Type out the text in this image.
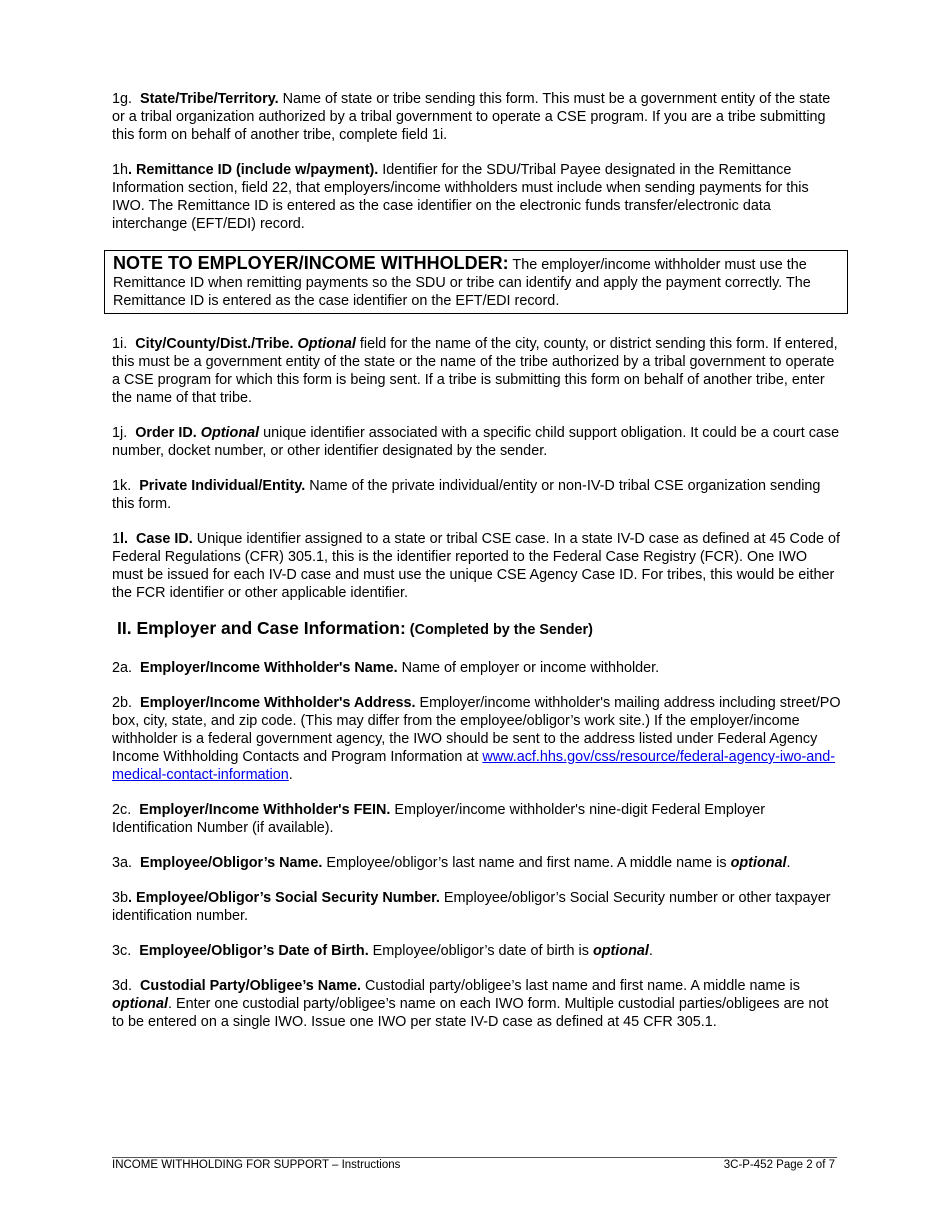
1g. State/Tribe/Territory. Name of state or tribe sending this form. This must be a government entity of the state or a tribal organization authorized by a tribal government to operate a CSE program. If you are a tribe submitting this form on behalf of another tribe, complete field 1i.

1h. Remittance ID (include w/payment). Identifier for the SDU/Tribal Payee designated in the Remittance Information section, field 22, that employers/income withholders must include when sending payments for this IWO. The Remittance ID is entered as the case identifier on the electronic funds transfer/electronic data interchange (EFT/EDI) record.

NOTE TO EMPLOYER/INCOME WITHHOLDER: The employer/income withholder must use the Remittance ID when remitting payments so the SDU or tribe can identify and apply the payment correctly. The Remittance ID is entered as the case identifier on the EFT/EDI record.

1i. City/County/Dist./Tribe. Optional field for the name of the city, county, or district sending this form. If entered, this must be a government entity of the state or the name of the tribe authorized by a tribal government to operate a CSE program for which this form is being sent. If a tribe is submitting this form on behalf of another tribe, enter the name of that tribe.

1j. Order ID. Optional unique identifier associated with a specific child support obligation. It could be a court case number, docket number, or other identifier designated by the sender.

1k. Private Individual/Entity. Name of the private individual/entity or non-IV-D tribal CSE organization sending this form.

1l. Case ID. Unique identifier assigned to a state or tribal CSE case. In a state IV-D case as defined at 45 Code of Federal Regulations (CFR) 305.1, this is the identifier reported to the Federal Case Registry (FCR). One IWO must be issued for each IV-D case and must use the unique CSE Agency Case ID. For tribes, this would be either the FCR identifier or other applicable identifier.

II. Employer and Case Information: (Completed by the Sender)

2a. Employer/Income Withholder's Name. Name of employer or income withholder.

2b. Employer/Income Withholder's Address. Employer/income withholder's mailing address including street/PO box, city, state, and zip code. (This may differ from the employee/obligor’s work site.) If the employer/income withholder is a federal government agency, the IWO should be sent to the address listed under Federal Agency Income Withholding Contacts and Program Information at www.acf.hhs.gov/css/resource/federal-agency-iwo-and-medical-contact-information.

2c. Employer/Income Withholder's FEIN. Employer/income withholder's nine-digit Federal Employer Identification Number (if available).

3a. Employee/Obligor’s Name. Employee/obligor’s last name and first name. A middle name is optional.

3b. Employee/Obligor’s Social Security Number. Employee/obligor’s Social Security number or other taxpayer identification number.

3c. Employee/Obligor’s Date of Birth. Employee/obligor’s date of birth is optional.

3d. Custodial Party/Obligee’s Name. Custodial party/obligee’s last name and first name. A middle name is optional. Enter one custodial party/obligee’s name on each IWO form. Multiple custodial parties/obligees are not to be entered on a single IWO. Issue one IWO per state IV-D case as defined at 45 CFR 305.1.

INCOME WITHHOLDING FOR SUPPORT – Instructions	3C-P-452 Page 2 of 7
